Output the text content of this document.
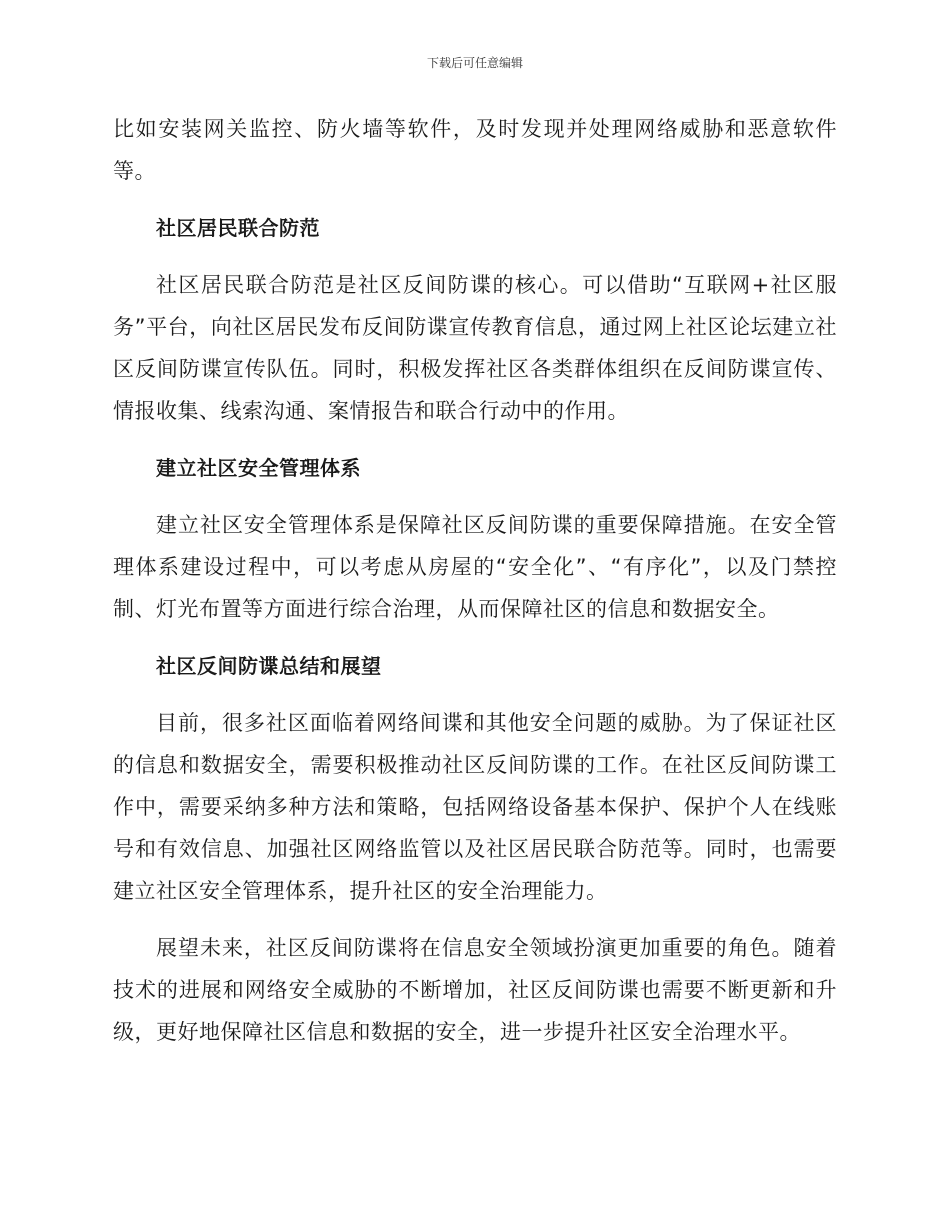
下载后可任意编辑

比如安装网关监控、防火墙等软件，及时发现并处理网络威胁和恶意软件等。

社区居民联合防范

社区居民联合防范是社区反间防谍的核心。可以借助“互联网+社区服务”平台，向社区居民发布反间防谍宣传教育信息，通过网上社区论坛建立社区反间防谍宣传队伍。同时，积极发挥社区各类群体组织在反间防谍宣传、情报收集、线索沟通、案情报告和联合行动中的作用。

建立社区安全管理体系

建立社区安全管理体系是保障社区反间防谍的重要保障措施。在安全管理体系建设过程中，可以考虑从房屋的“安全化”、“有序化”，以及门禁控制、灯光布置等方面进行综合治理，从而保障社区的信息和数据安全。

社区反间防谍总结和展望

目前，很多社区面临着网络间谍和其他安全问题的威胁。为了保证社区的信息和数据安全，需要积极推动社区反间防谍的工作。在社区反间防谍工作中，需要采纳多种方法和策略，包括网络设备基本保护、保护个人在线账号和有效信息、加强社区网络监管以及社区居民联合防范等。同时，也需要建立社区安全管理体系，提升社区的安全治理能力。

展望未来，社区反间防谍将在信息安全领域扮演更加重要的角色。随着技术的进展和网络安全威胁的不断增加，社区反间防谍也需要不断更新和升级，更好地保障社区信息和数据的安全，进一步提升社区安全治理水平。
